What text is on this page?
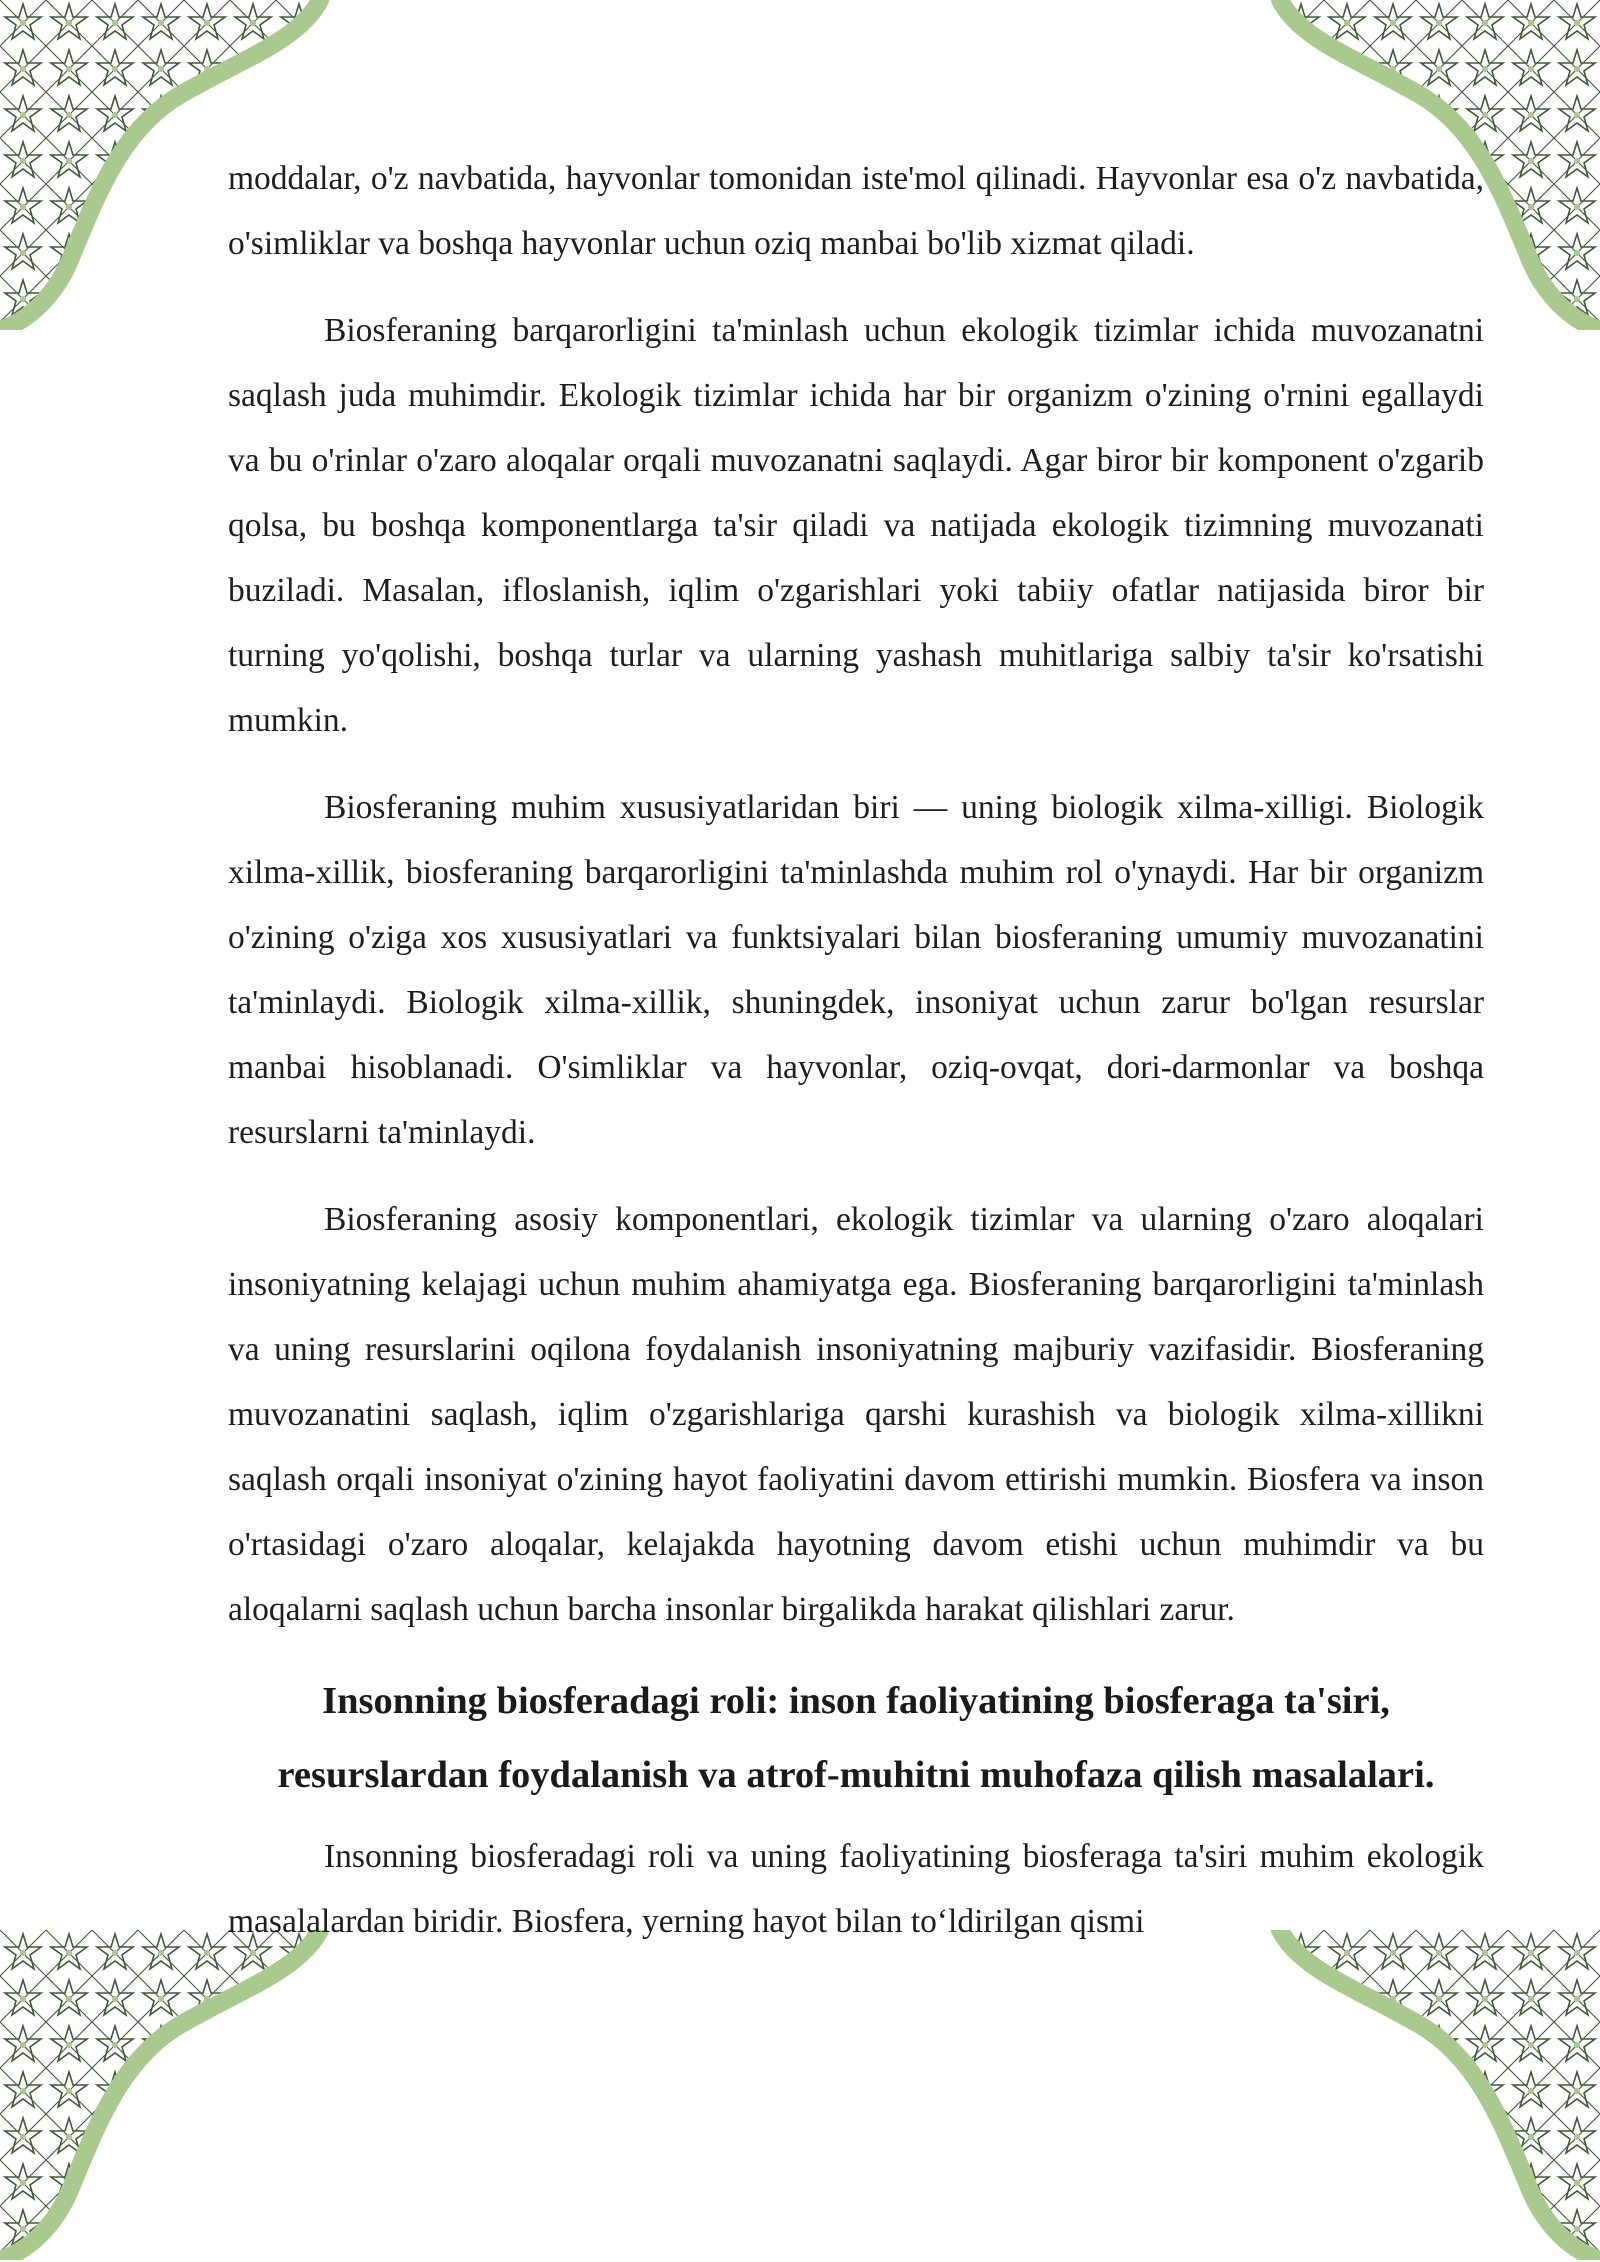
moddalar, o'z navbatida, hayvonlar tomonidan iste'mol qilinadi. Hayvonlar esa o'z navbatida, o'simliklar va boshqa hayvonlar uchun oziq manbai bo'lib xizmat qiladi.

Biosferaning barqarorligini ta'minlash uchun ekologik tizimlar ichida muvozanatni saqlash juda muhimdir. Ekologik tizimlar ichida har bir organizm o'zining o'rnini egallaydi va bu o'rinlar o'zaro aloqalar orqali muvozanatni saqlaydi. Agar biror bir komponent o'zgarib qolsa, bu boshqa komponentlarga ta'sir qiladi va natijada ekologik tizimning muvozanati buziladi. Masalan, ifloslanish, iqlim o'zgarishlari yoki tabiiy ofatlar natijasida biror bir turning yo'qolishi, boshqa turlar va ularning yashash muhitlariga salbiy ta'sir ko'rsatishi mumkin.

Biosferaning muhim xususiyatlaridan biri — uning biologik xilma-xilligi. Biologik xilma-xillik, biosferaning barqarorligini ta'minlashda muhim rol o'ynaydi. Har bir organizm o'zining o'ziga xos xususiyatlari va funktsiyalari bilan biosferaning umumiy muvozanatini ta'minlaydi. Biologik xilma-xillik, shuningdek, insoniyat uchun zarur bo'lgan resurslar manbai hisoblanadi. O'simliklar va hayvonlar, oziq-ovqat, dori-darmonlar va boshqa resurslarni ta'minlaydi.

Biosferaning asosiy komponentlari, ekologik tizimlar va ularning o'zaro aloqalari insoniyatning kelajagi uchun muhim ahamiyatga ega. Biosferaning barqarorligini ta'minlash va uning resurslarini oqilona foydalanish insoniyatning majburiy vazifasidir. Biosferaning muvozanatini saqlash, iqlim o'zgarishlariga qarshi kurashish va biologik xilma-xillikni saqlash orqali insoniyat o'zining hayot faoliyatini davom ettirishi mumkin. Biosfera va inson o'rtasidagi o'zaro aloqalar, kelajakda hayotning davom etishi uchun muhimdir va bu aloqalarni saqlash uchun barcha insonlar birgalikda harakat qilishlari zarur.

Insonning biosferadagi roli: inson faoliyatining biosferaga ta'siri, resurslardan foydalanish va atrof-muhitni muhofaza qilish masalalari.

Insonning biosferadagi roli va uning faoliyatining biosferaga ta'siri muhim ekologik masalalardan biridir. Biosfera, yerning hayot bilan to‘ldirilgan qismi
